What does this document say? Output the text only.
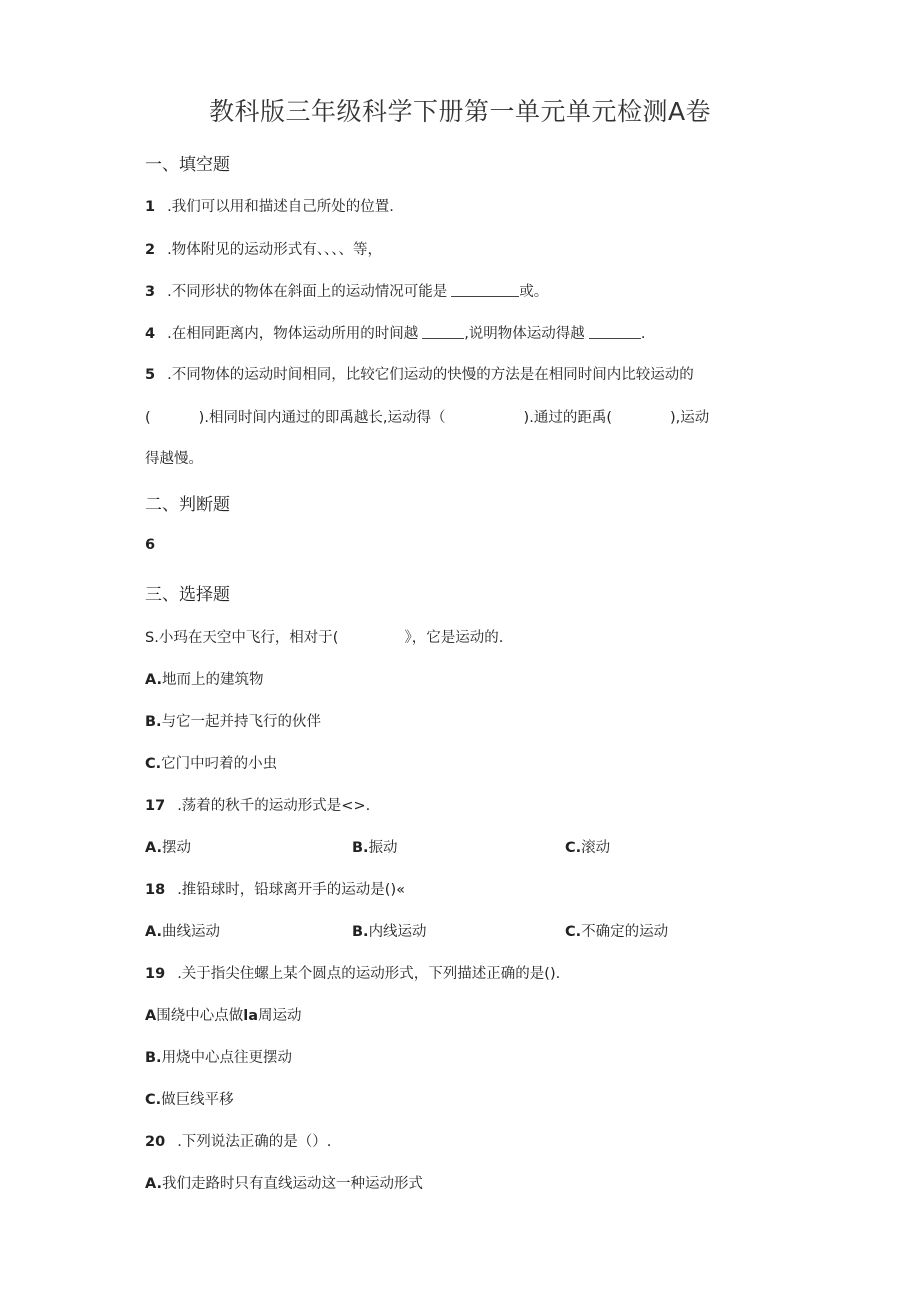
教科版三年级科学下册第一单元单元检测A卷
一、填空题
1 .我们可以用和描述自己所处的位置.
2 .物体附见的运动形式有、、、、等，
3 .不同形状的物体在斜面上的运动情况可能是	或。
4 .在相同距离内，物体运动所用的时间越	,说明物体运动得越	.
5 .不同物体的运动时间相同，比较它们运动的快慢的方法是在相同时间内比较运动的
(	).相同时间内通过的即禹越长,运动得（	).通过的距禹(	),运动
得越慢。
二、判断题
6
三、选择题
S.小玛在天空中飞行，相对于(	》，它是运动的.
A.地而上的建筑物
B.与它一起并持飞行的伙伴
C.它门中叼着的小虫
17 .荡着的秋千的运动形式是<>.
A.摆动	B.振动	C.滚动
18 .推铅球时，铅球离开手的运动是()«
A.曲线运动	B.内线运动	C.不确定的运动
19 .关于指尖住螺上某个圆点的运动形式，下列描述正确的是().
A围绕中心点做la周运动
B.用烧中心点往更摆动
C.做巨线平移
20 .下列说法正确的是（）.
A.我们走路时只有直线运动这一种运动形式
